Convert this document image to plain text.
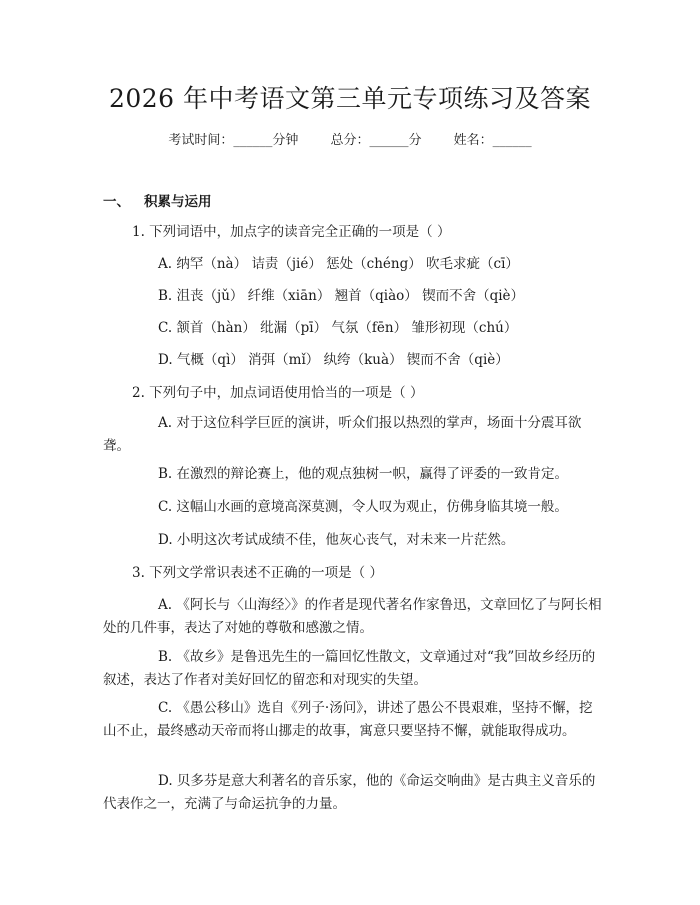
2026 年中考语文第三单元专项练习及答案
考试时间：______分钟 总分：______分 姓名：______
一、 积累与运用
1. 下列词语中，加点字的读音完全正确的一项是（ ）
A. 纳罕（nà） 诘责（jié） 惩处（chéng） 吹毛求疵（cī）
B. 沮丧（jǔ） 纤维（xiān） 翘首（qiào） 锲而不舍（qiè）
C. 颔首（hàn） 纰漏（pī） 气氛（fēn） 雏形初现（chú）
D. 气概（qì） 消弭（mǐ） 纨绔（kuà） 锲而不舍（qiè）
2. 下列句子中，加点词语使用恰当的一项是（ ）
A. 对于这位科学巨匠的演讲，听众们报以热烈的掌声，场面十分震耳欲聋。
B. 在激烈的辩论赛上，他的观点独树一帜，赢得了评委的一致肯定。
C. 这幅山水画的意境高深莫测，令人叹为观止，仿佛身临其境一般。
D. 小明这次考试成绩不佳，他灰心丧气，对未来一片茫然。
3. 下列文学常识表述不正确的一项是（ ）
A. 《阿长与〈山海经〉》的作者是现代著名作家鲁迅，文章回忆了与阿长相处的几件事，表达了对她的尊敬和感激之情。
B. 《故乡》是鲁迅先生的一篇回忆性散文，文章通过对“我”回故乡经历的叙述，表达了作者对美好回忆的留恋和对现实的失望。
C. 《愚公移山》选自《列子·汤问》，讲述了愚公不畏艰难，坚持不懈，挖山不止，最终感动天帝而将山挪走的故事，寓意只要坚持不懈，就能取得成功。
D. 贝多芬是意大利著名的音乐家，他的《命运交响曲》是古典主义音乐的代表作之一，充满了与命运抗争的力量。
